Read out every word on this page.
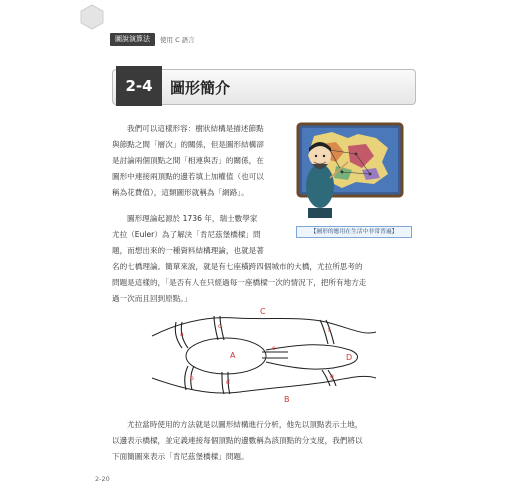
圖說演算法	使用 C 語言
2-4	圖形簡介
我們可以這樣形容：樹狀結構是描述節點
與節點之間「層次」的關係，但是圖形結構卻
是討論兩個頂點之間「相連與否」的關係，在
圖形中連接兩頂點的邊若填上加權值（也可以
稱為花費值），這類圖形就稱為「網路」。
【圖形的應用在生活中非常普遍】
圖形理論起源於 1736 年，瑞士數學家
尤拉（Euler）為了解決「肯尼茲堡橋樑」問
題，而想出來的一種資料結構理論，也就是著
名的七橋理論。簡單來說，就是有七座橫跨四個城市的大橋，尤拉所思考的
問題是這樣的，「是否有人在只經過每一座橋樑一次的情況下，把所有地方走
過一次而且回到原點。」
A
B
C
D
a
b
c
d
e
f
g
尤拉當時使用的方法就是以圖形結構進行分析，他先以頂點表示土地，
以邊表示橋樑，並定義連接每個頂點的邊數稱為該頂點的分支度，我們將以
下面簡圖來表示「肯尼茲堡橋樑」問題。
2-20
